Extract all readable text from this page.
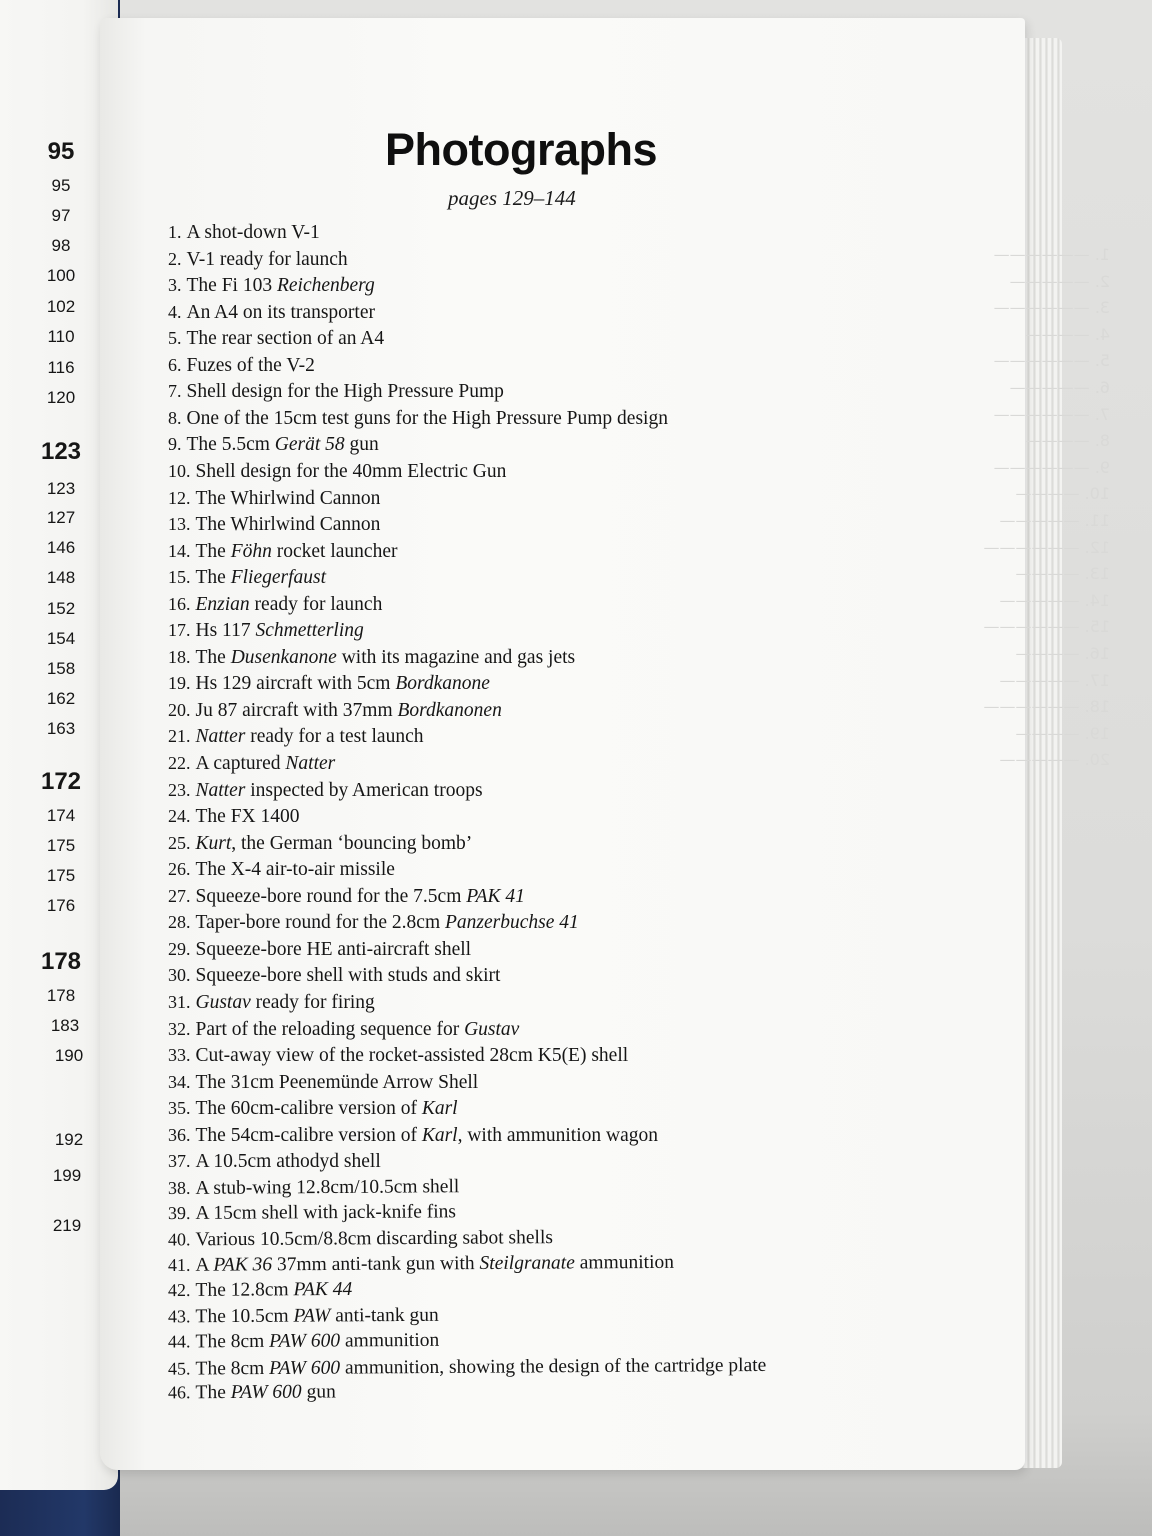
95
95
97
98
100
102
110
116
120
123
123
127
146
148
152
154
158
162
163
172
174
175
175
176
178
178
183
190
192
199
219
1. ——————
2. —————
3. ——————
4. ————
5. ——————
6. —————
7. ——————
8. ————
9. ——————
10. ————
11. —————
12. ——————
13. ————
14. —————
15. ——————
16. ————
17. —————
18. ——————
19. ————
20. —————
Photographs
pages 129–144
1. A shot-down V-1
2. V-1 ready for launch
3. The Fi 103 Reichenberg
4. An A4 on its transporter
5. The rear section of an A4
6. Fuzes of the V-2
7. Shell design for the High Pressure Pump
8. One of the 15cm test guns for the High Pressure Pump design
9. The 5.5cm Gerät 58 gun
10. Shell design for the 40mm Electric Gun
12. The Whirlwind Cannon
13. The Whirlwind Cannon
14. The Föhn rocket launcher
15. The Fliegerfaust
16. Enzian ready for launch
17. Hs 117 Schmetterling
18. The Dusenkanone with its magazine and gas jets
19. Hs 129 aircraft with 5cm Bordkanone
20. Ju 87 aircraft with 37mm Bordkanonen
21. Natter ready for a test launch
22. A captured Natter
23. Natter inspected by American troops
24. The FX 1400
25. Kurt, the German ‘bouncing bomb’
26. The X-4 air-to-air missile
27. Squeeze-bore round for the 7.5cm PAK 41
28. Taper-bore round for the 2.8cm Panzerbuchse 41
29. Squeeze-bore HE anti-aircraft shell
30. Squeeze-bore shell with studs and skirt
31. Gustav ready for firing
32. Part of the reloading sequence for Gustav
33. Cut-away view of the rocket-assisted 28cm K5(E) shell
34. The 31cm Peenemünde Arrow Shell
35. The 60cm-calibre version of Karl
36. The 54cm-calibre version of Karl, with ammunition wagon
37. A 10.5cm athodyd shell
38. A stub-wing 12.8cm/10.5cm shell
39. A 15cm shell with jack-knife fins
40. Various 10.5cm/8.8cm discarding sabot shells
41. A PAK 36 37mm anti-tank gun with Steilgranate ammunition
42. The 12.8cm PAK 44
43. The 10.5cm PAW anti-tank gun
44. The 8cm PAW 600 ammunition
45. The 8cm PAW 600 ammunition, showing the design of the cartridge plate
46. The PAW 600 gun
